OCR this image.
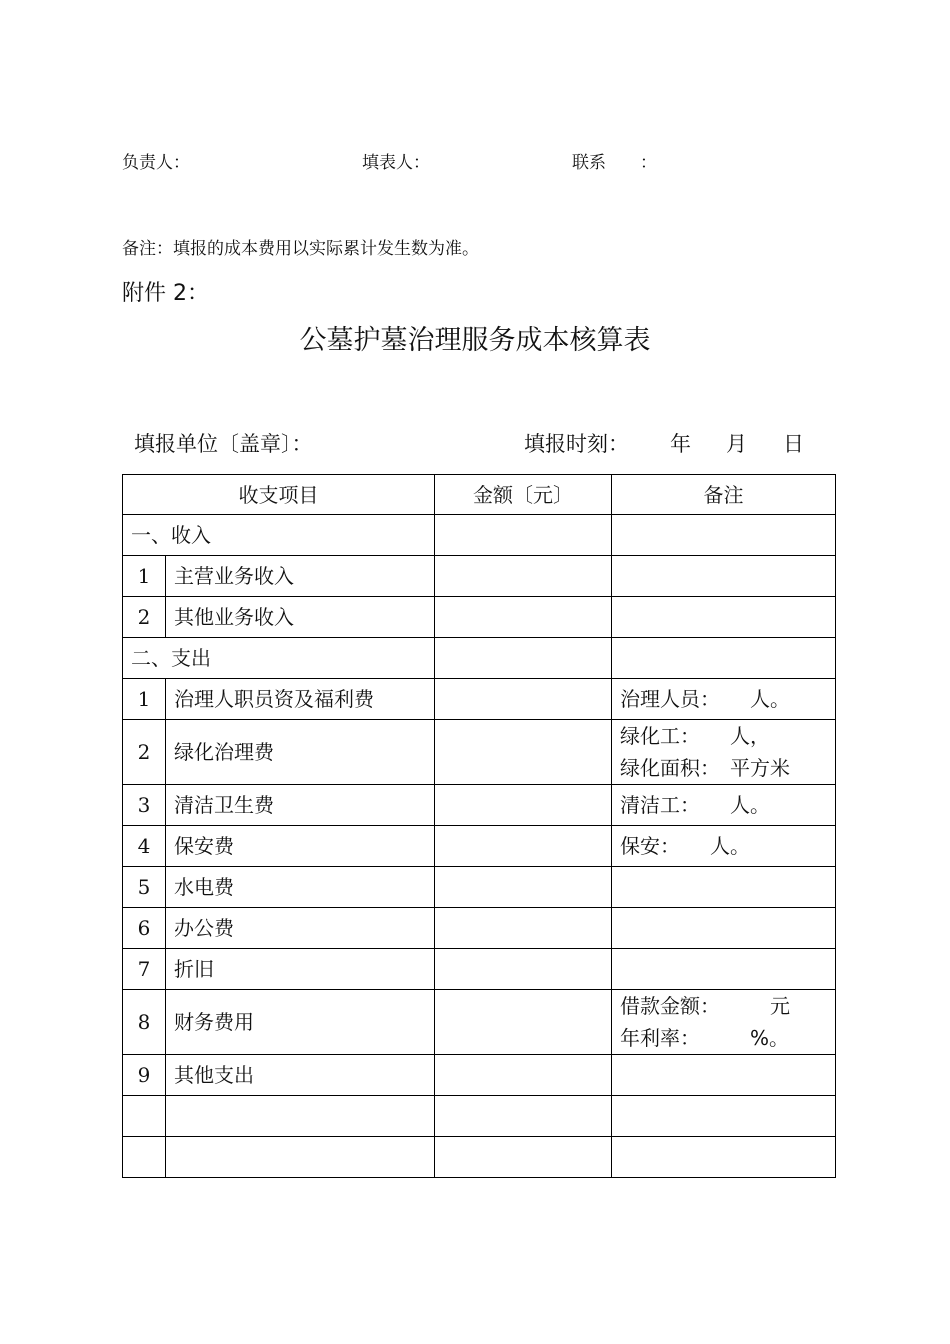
负责人：	填表人：	联系 ：
备注：填报的成本费用以实际累计发生数为准。
附件 2：
公墓护墓治理服务成本核算表
填报单位〔盖章〕：	填报时刻： 年 月 日
收支项目		金额〔元〕	备注
一、收入			
1	主营业务收入		
2	其他业务收入		
二、支出			
1	治理人职员资及福利费		治理人员：　　人。

2	绿化治理费		绿化工：　　人，
绿化面积：　平方米

3	清洁卫生费		清洁工：　　人。

4	保安费		保安：　　人。

5	水电费		
6	办公费		
7	折旧		
8	财务费用		借款金额：　　　元
年利率：　　　%。

9	其他支出		
